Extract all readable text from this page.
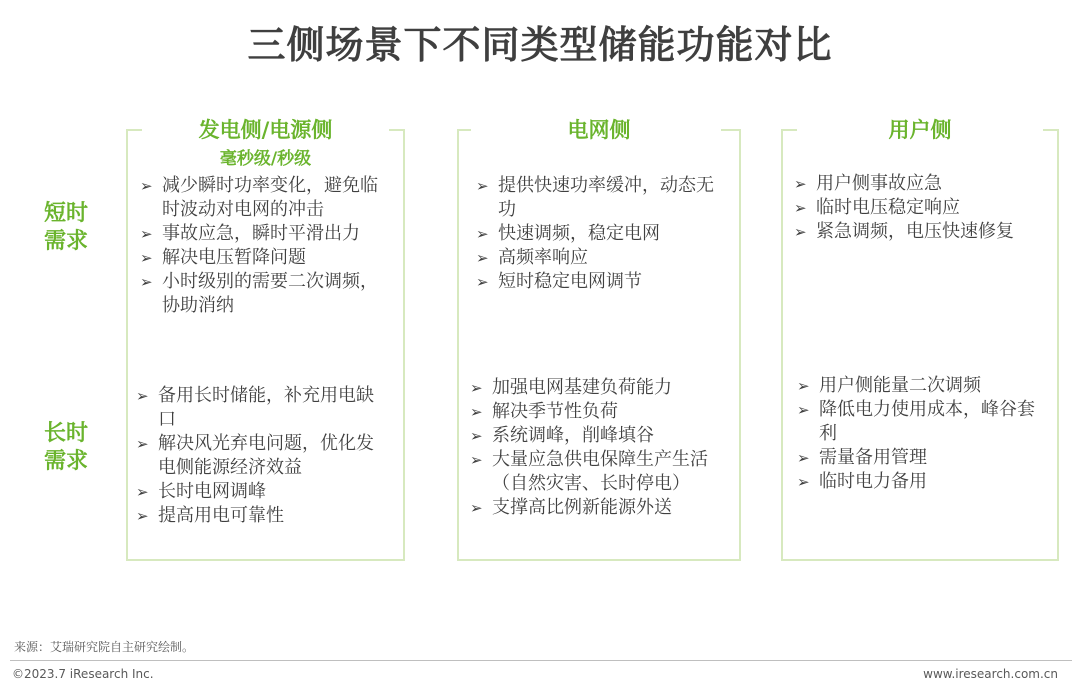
三侧场景下不同类型储能功能对比
短时
需求
长时
需求
发电侧/电源侧
毫秒级/秒级
➢ 减少瞬时功率变化，避免临时波动对电网的冲击
➢ 事故应急，瞬时平滑出力
➢ 解决电压暂降问题
➢ 小时级别的需要二次调频，协助消纳
➢ 备用长时储能，补充用电缺口
➢ 解决风光弃电问题，优化发电侧能源经济效益
➢ 长时电网调峰
➢ 提高用电可靠性
电网侧
➢ 提供快速功率缓冲，动态无功
➢ 快速调频，稳定电网
➢ 高频率响应
➢ 短时稳定电网调节
➢ 加强电网基建负荷能力
➢ 解决季节性负荷
➢ 系统调峰，削峰填谷
➢ 大量应急供电保障生产生活（自然灾害、长时停电）
➢ 支撑高比例新能源外送
用户侧
➢ 用户侧事故应急
➢ 临时电压稳定响应
➢ 紧急调频，电压快速修复
➢ 用户侧能量二次调频
➢ 降低电力使用成本，峰谷套利
➢ 需量备用管理
➢ 临时电力备用
来源：艾瑞研究院自主研究绘制。
©2023.7 iResearch Inc.	www.iresearch.com.cn
